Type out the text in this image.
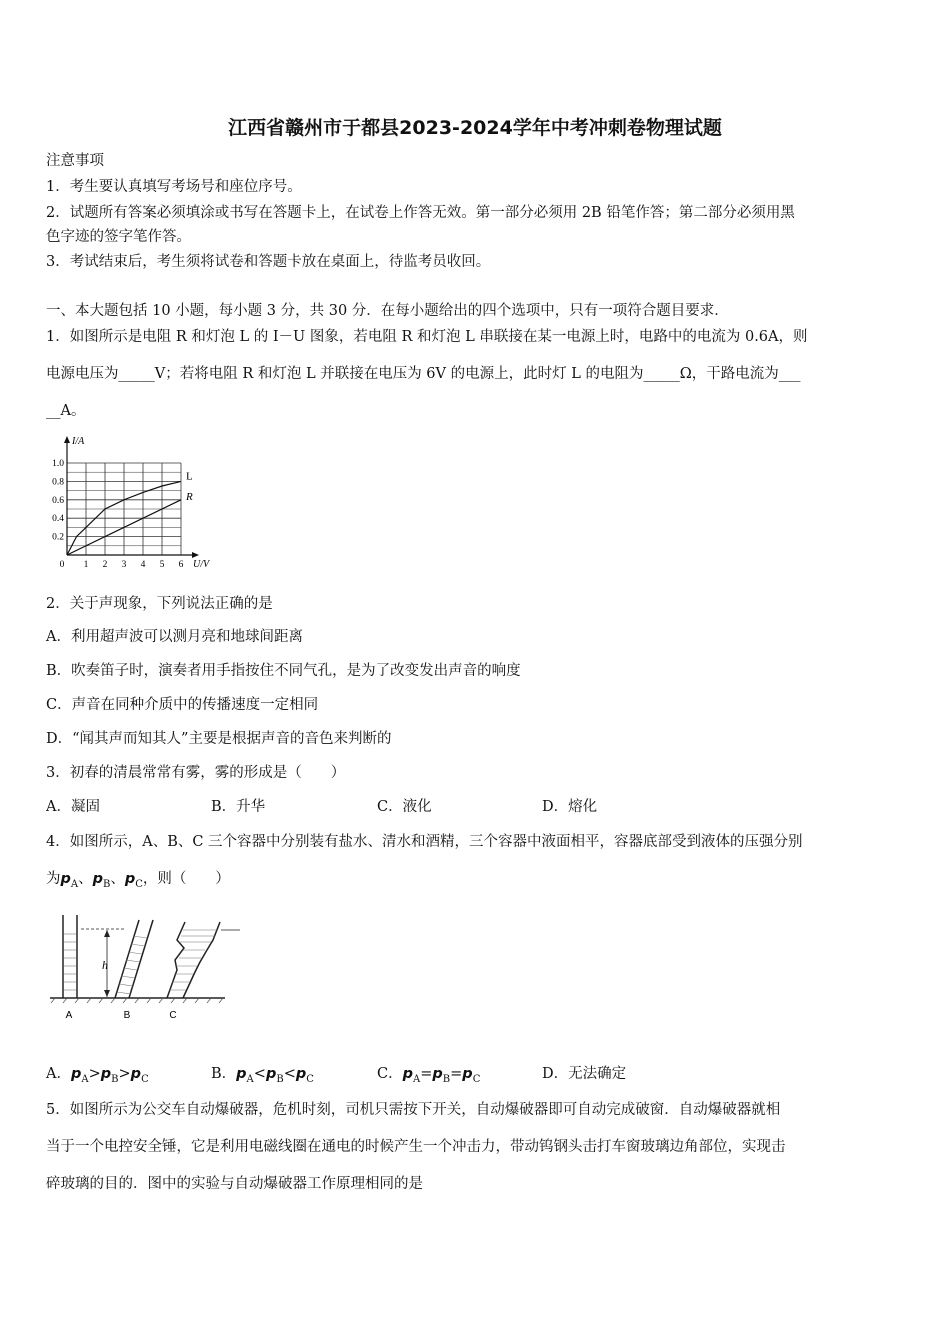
江西省赣州市于都县2023-2024学年中考冲刺卷物理试题
注意事项
1．考生要认真填写考场号和座位序号。
2．试题所有答案必须填涂或书写在答题卡上，在试卷上作答无效。第一部分必须用 2B 铅笔作答；第二部分必须用黑
色字迹的签字笔作答。
3．考试结束后，考生须将试卷和答题卡放在桌面上，待监考员收回。
一、本大题包括 10 小题，每小题 3 分，共 30 分．在每小题给出的四个选项中，只有一项符合题目要求．
1．如图所示是电阻 R 和灯泡 L 的 I－U 图象，若电阻 R 和灯泡 L 串联接在某一电源上时，电路中的电流为 0.6A，则
电源电压为_____V；若将电阻 R 和灯泡 L 并联接在电压为 6V 的电源上，此时灯 L 的电阻为_____Ω，干路电流为___
__A。
0 1 2 3 4 5 6
0.2
0.4
0.6
0.8
1.0
I/A
U/V
L
R
2．关于声现象，下列说法正确的是
A．利用超声波可以测月亮和地球间距离
B．吹奏笛子时，演奏者用手指按住不同气孔，是为了改变发出声音的响度
C．声音在同种介质中的传播速度一定相同
D．“闻其声而知其人”主要是根据声音的音色来判断的
3．初春的清晨常常有雾，雾的形成是（　　）
A．凝固	B．升华	C．液化	D．熔化
4．如图所示，A、B、C 三个容器中分别装有盐水、清水和酒精，三个容器中液面相平，容器底部受到液体的压强分别
为$p_A$、$p_B$、$p_C$，则（　　）
h
A	B	C
A．$p_A>p_B>p_C$	B．$p_A<p_B<p_C$	C．$p_A=p_B=p_C$	D．无法确定
5．如图所示为公交车自动爆破器，危机时刻，司机只需按下开关，自动爆破器即可自动完成破窗．自动爆破器就相
当于一个电控安全锤，它是利用电磁线圈在通电的时候产生一个冲击力，带动钨钢头击打车窗玻璃边角部位，实现击
碎玻璃的目的．图中的实验与自动爆破器工作原理相同的是
